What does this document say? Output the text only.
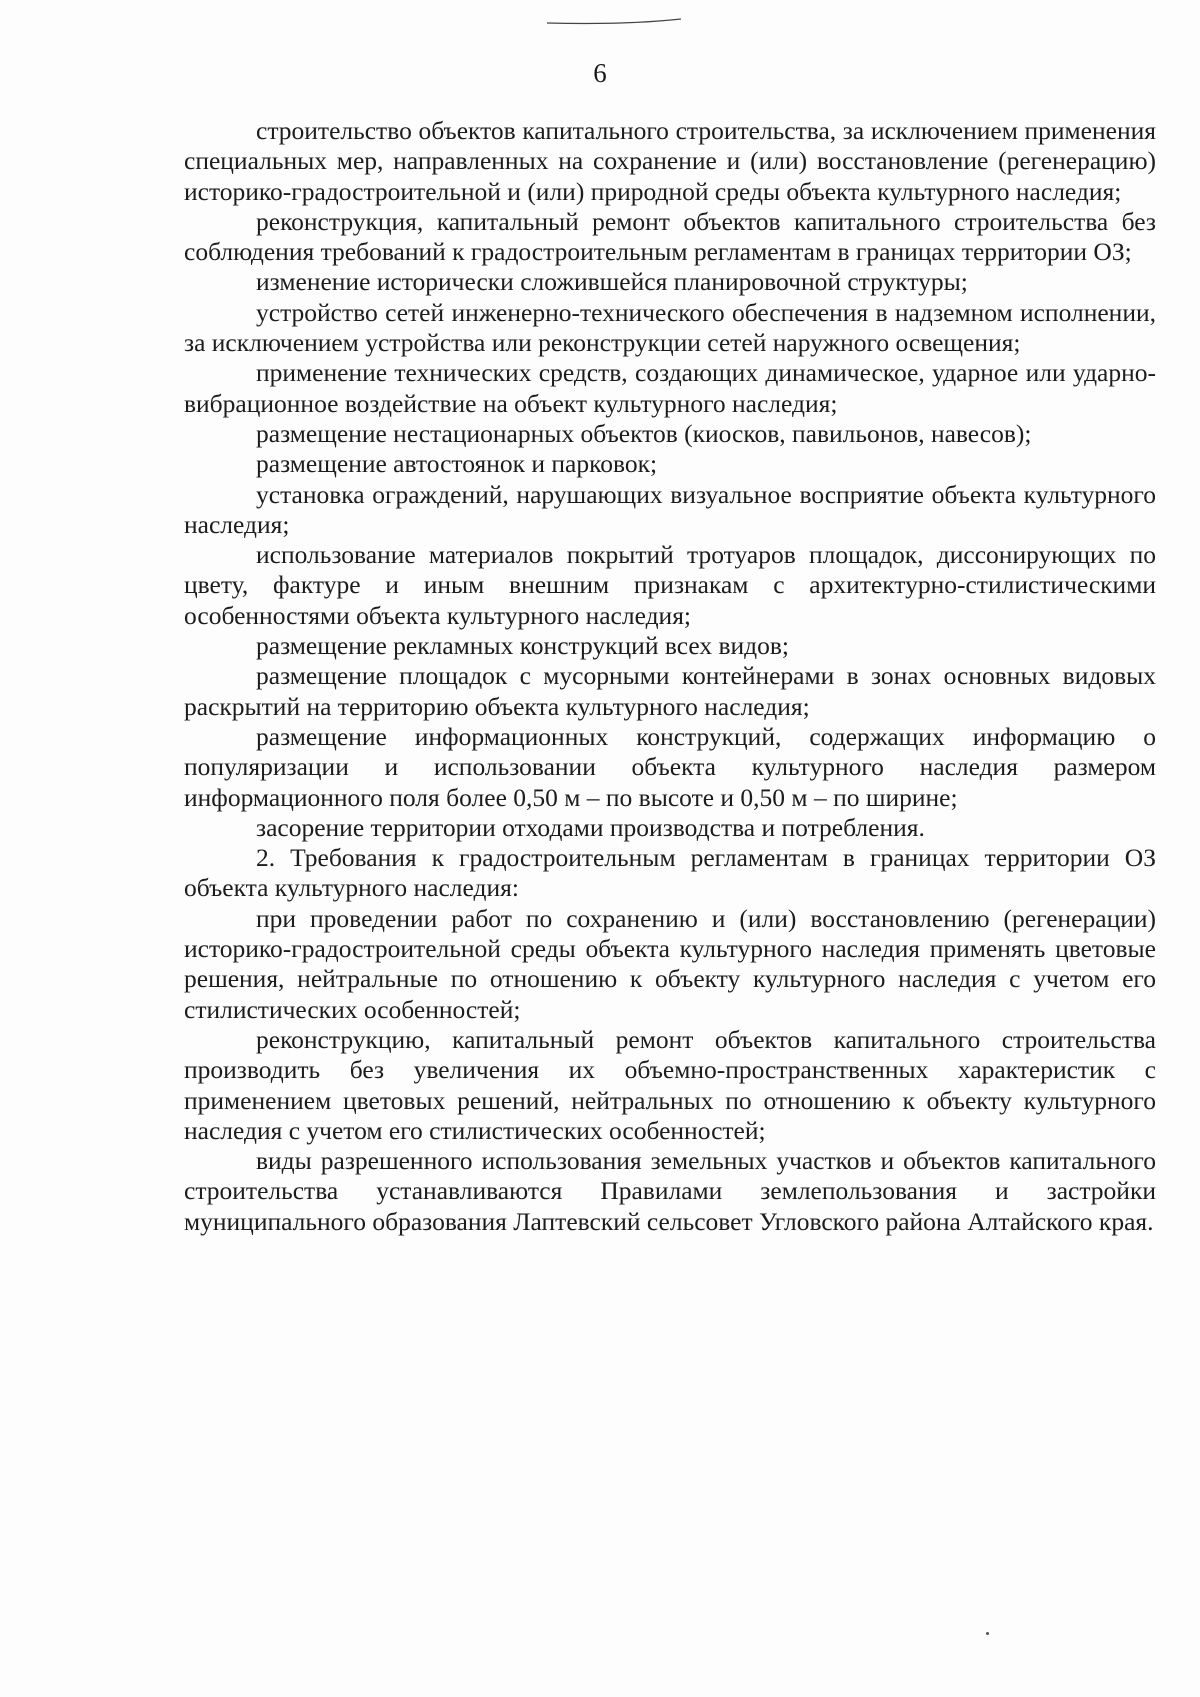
6

строительство объектов капитального строительства, за исключением применения специальных мер, направленных на сохранение и (или) восстановление (регенерацию) историко-градостроительной и (или) природной среды объекта культурного наследия;

реконструкция, капитальный ремонт объектов капитального строительства без соблюдения требований к градостроительным регламентам в границах территории ОЗ;

изменение исторически сложившейся планировочной структуры;

устройство сетей инженерно-технического обеспечения в надземном исполнении, за исключением устройства или реконструкции сетей наружного освещения;

применение технических средств, создающих динамическое, ударное или ударно-вибрационное воздействие на объект культурного наследия;

размещение нестационарных объектов (киосков, павильонов, навесов);

размещение автостоянок и парковок;

установка ограждений, нарушающих визуальное восприятие объекта культурного наследия;

использование материалов покрытий тротуаров площадок, диссонирующих по цвету, фактуре и иным внешним признакам с архитектурно-стилистическими особенностями объекта культурного наследия;

размещение рекламных конструкций всех видов;

размещение площадок с мусорными контейнерами в зонах основных видовых раскрытий на территорию объекта культурного наследия;

размещение информационных конструкций, содержащих информацию о популяризации и использовании объекта культурного наследия размером информационного поля более 0,50 м – по высоте и 0,50 м – по ширине;

засорение территории отходами производства и потребления.

2. Требования к градостроительным регламентам в границах территории ОЗ объекта культурного наследия:

при проведении работ по сохранению и (или) восстановлению (регенерации) историко-градостроительной среды объекта культурного наследия применять цветовые решения, нейтральные по отношению к объекту культурного наследия с учетом его стилистических особенностей;

реконструкцию, капитальный ремонт объектов капитального строительства производить без увеличения их объемно-пространственных характеристик с применением цветовых решений, нейтральных по отношению к объекту культурного наследия с учетом его стилистических особенностей;

виды разрешенного использования земельных участков и объектов капитального строительства устанавливаются Правилами землепользования и застройки муниципального образования Лаптевский сельсовет Угловского района Алтайского края.
